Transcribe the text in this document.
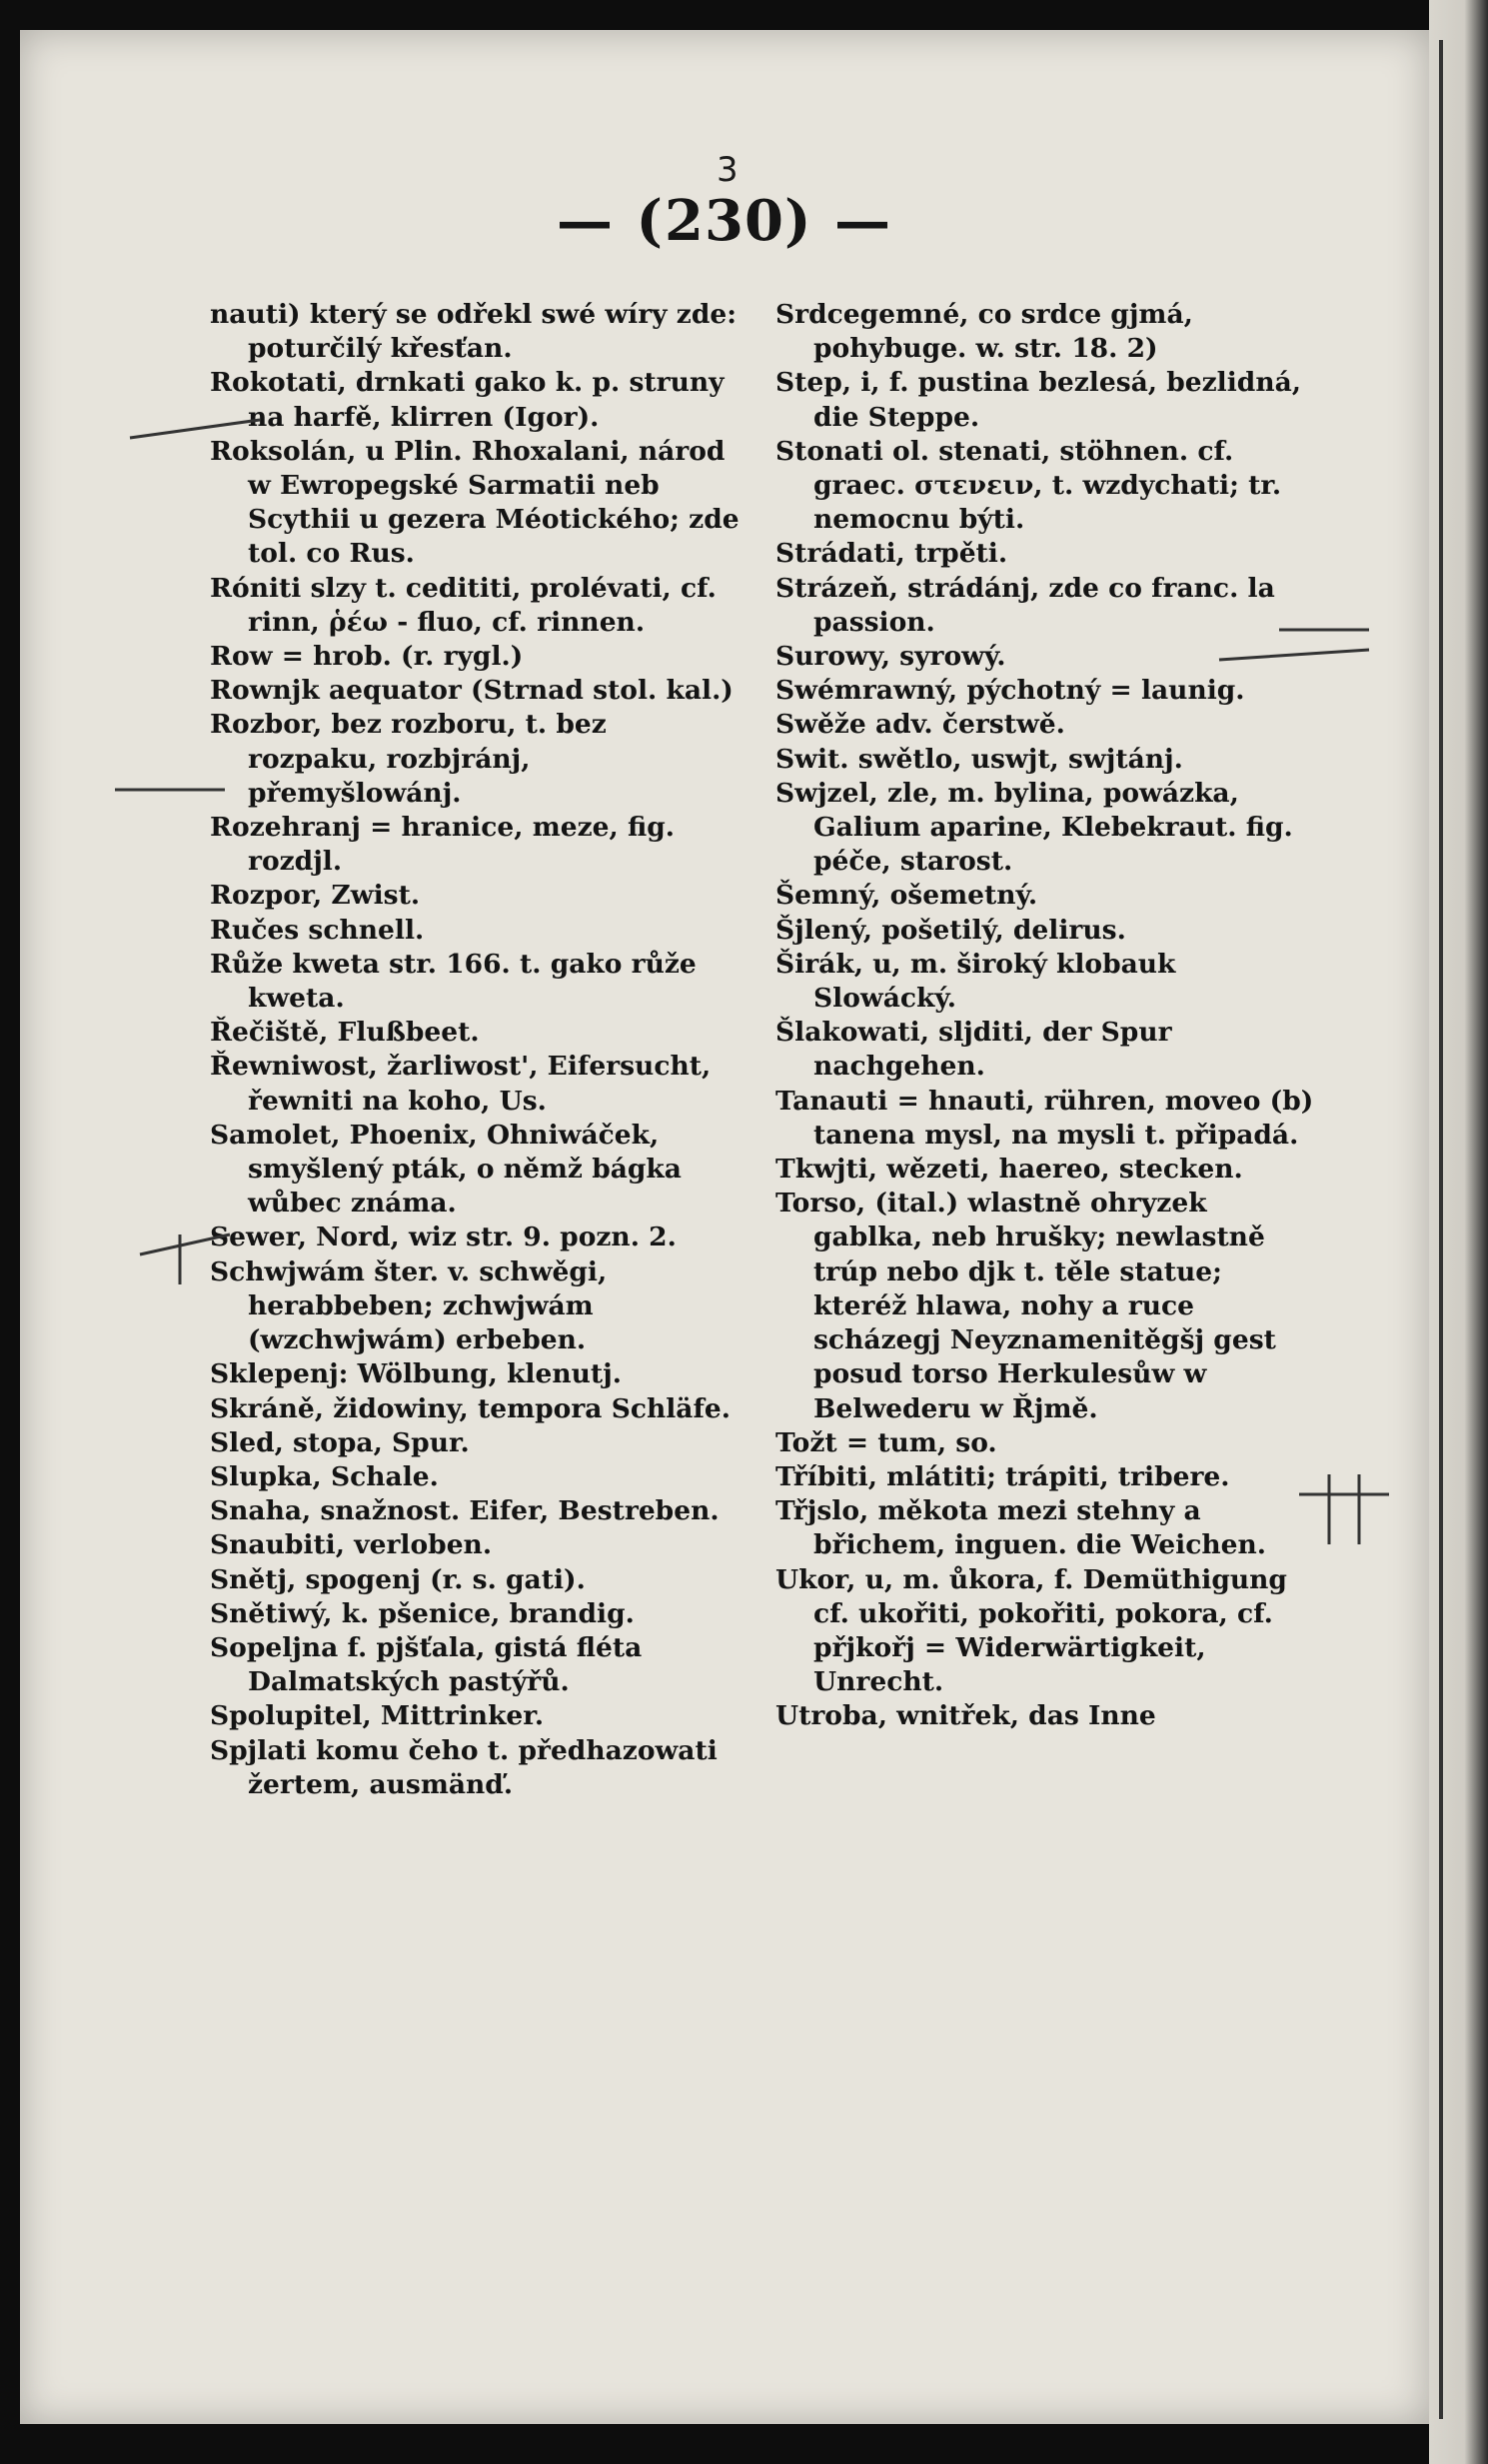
— (230) —
3

nauti) který se odřekl swé wíry zde: poturčilý křesťan.

Rokotati, drnkati gako k. p. struny na harfě, klirren (Igor).

Roksolán, u Plin. Rhoxalani, národ w Ewropegské Sarmatii neb Scythii u gezera Méotického; zde tol. co Rus.

Róniti slzy t. cedititi, prolévati, cf. rinn, ῥέω - fluo, cf. rinnen.

Row = hrob. (r. rygl.)

Rownjk aequator (Strnad stol. kal.)

Rozbor, bez rozboru, t. bez rozpaku, rozbjránj, přemyšlowánj.

Rozehranj = hranice, meze, fig. rozdjl.

Rozpor, Zwist.

Ručes schnell.

Růže kweta str. 166. t. gako růže kweta.

Řečiště, Flußbeet.

Řewniwost, žarliwost', Eifersucht, řewniti na koho, Us.

Samolet, Phoenix, Ohniwáček, smyšlený pták, o němž bágka wůbec známa.

Sewer, Nord, wiz str. 9. pozn. 2.

Schwjwám šter. v. schwěgi, herabbeben; zchwjwám (wzchwjwám) erbeben.

Sklepenj: Wölbung, klenutj.

Skráně, židowiny, tempora Schläfe.

Sled, stopa, Spur.

Slupka, Schale.

Snaha, snažnost. Eifer, Bestreben.

Snaubiti, verloben.

Snětj, spogenj (r. s. gati).

Snětiwý, k. pšenice, brandig.

Sopeljna f. pjšťala, gistá fléta Dalmatských pastýřů.

Spolupitel, Mittrinker.

Spjlati komu čeho t. předhazowati žertem, ausmänď.

Srdcegemné, co srdce gjmá, pohybuge. w. str. 18. 2)

Step, i, f. pustina bezlesá, bezlidná, die Steppe.

Stonati ol. stenati, stöhnen. cf. graec. στενειν, t. wzdychati; tr. nemocnu býti.

Strádati, trpěti.

Strázeň, strádánj, zde co franc. la passion.

Surowy, syrowý.

Swémrawný, pýchotný = launig.

Swěže adv. čerstwě.

Swit. swětlo, uswjt, swjtánj.

Swjzel, zle, m. bylina, powázka, Galium aparine, Klebekraut. fig. péče, starost.

Šemný, ošemetný.

Šjlený, pošetilý, delirus.

Širák, u, m. široký klobauk Slowácký.

Šlakowati, sljditi, der Spur nachgehen.

Tanauti = hnauti, rühren, moveo (b) tanena mysl, na mysli t. připadá.

Tkwjti, wězeti, haereo, stecken.

Torso, (ital.) wlastně ohryzek gablka, neb hrušky; newlastně trúp nebo djk t. těle statue; kteréž hlawa, nohy a ruce scházegj Neyznamenitěgšj gest posud torso Herkulesůw w Belwederu w Řjmě.

Tožt = tum, so.

Tříbiti, mlátiti; trápiti, tribere.

Třjslo, měkota mezi stehny a břichem, inguen. die Weichen.

Ukor, u, m. ůkora, f. Demüthigung cf. ukořiti, pokořiti, pokora, cf. přjkořj = Widerwärtigkeit, Unrecht.

Utroba, wnitřek, das Inne
